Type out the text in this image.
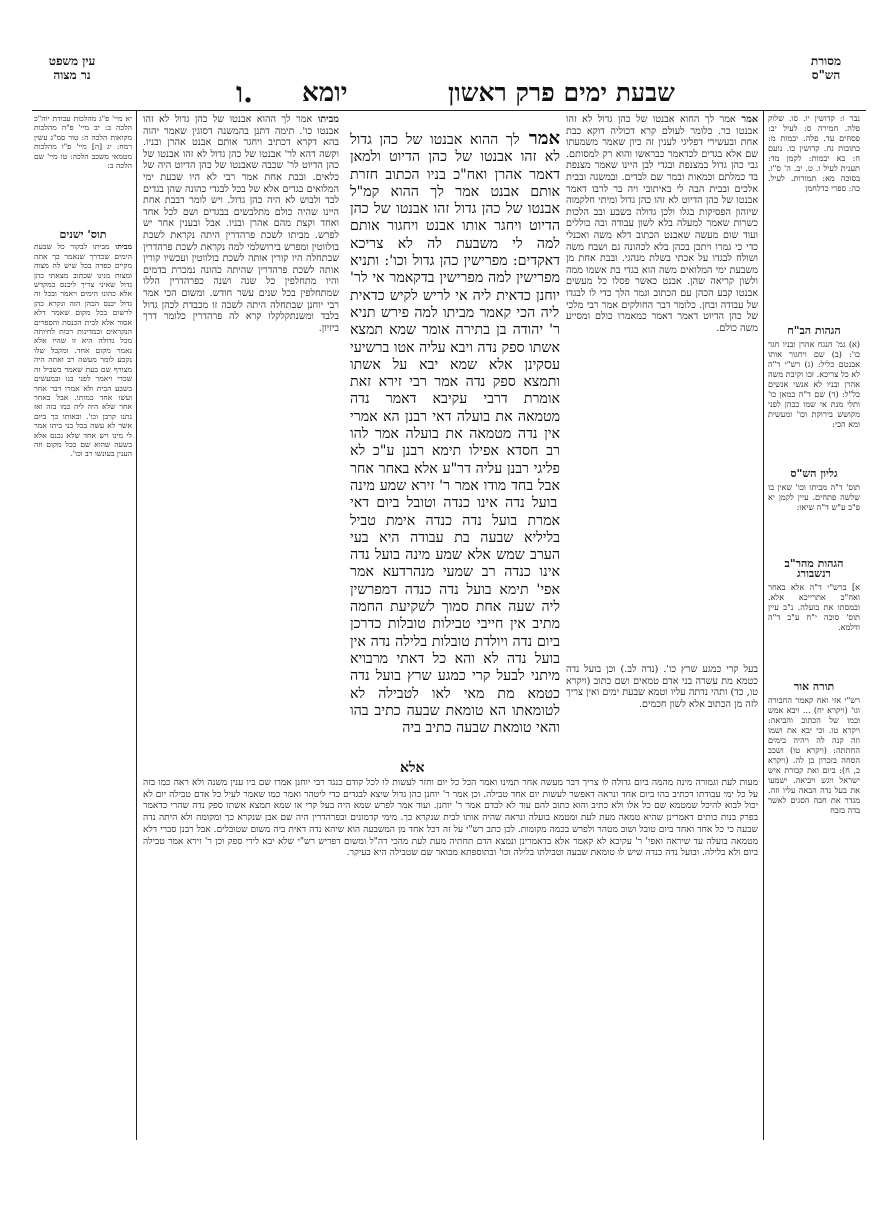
מסורת
הש"ס
עין משפט
נר מצוה
ו. יומא	שבעת ימים פרק ראשון
נבר ו: קדושין יו. סו. שלוק פלה. חמירה ס: לעיל יב: פסחים עד. פלה. יבמות מ: כתובות נח. קדושין כו. נועם ח: בא יבמות: לקמן מד: תענית לעיל ו. ט. יב. ה' ס"ו. בסוכה מא: תמורות. לעיל. כה: ספרי כדלחמן
הגהות הב"ח
(א) גמ' הנגח אהרן ובניו חגר כו': (ב) שם ויחגור אותו אבנטם כליל: (ג) רש"י ד"ה לא כל צריכא. זכו וקיבת משה אהרן ובניו לא אנשי אנשים כל"ל: (ד) שם ד"ה כמאן כו' ותלי מנת אי שמו ככהן לפני מקושש בירוקת וכו' ומעשית ומא הכי:
גליון הש"ס
תוס' ד"ה מביתו וכו' שאין בו שלשה פתחים. עיין לקמן יא פ"ב ע"ש ד"ה שיאו:
הגהות מהר"ב רנשבורג
א] ברש"י ד"ה אלא באחר ואח"כ אתרייכא אלא. ובמסתו את בועלה. נ"ב עיין תוס' סוכה י"ח ע"ב ד"ה ודלמא.
תורה אור
רש"י אזי ואח קאמר החבורה וגו' (ויקרא יח) ... ויבא אמש וכמו של הכתוב והביאה: ויקרא טו. וכי יבא את ושמו וזה קנה לה ויהיה בימים החתתה: (ויקרא טו) ושכב הסחה בזכרון בן לה. (ויקרא כ, ח): ביום ואת קבורת איש ישראל ויגש ויביאה. ישמעו את בעל נדה הבאה עליו וזה. מגדר את חבה הסגים לאשר בדה בזבח
אמר אמר לך החוא אבנטו של כהן גדול לא זהו אבנטו כר. כלומר לעולם קרא דכוליה דוקא כבת אחת ובעשירי דפליגי לענין זה כיון שאמר משמעתו שם אלא בגדים לכדאמר כבראשו והוא רק למסותם. גבי כהן גדול במצנפת ובגדי לבן היינו שאמר מצנפת בד כמלתם וכמאות ובמר שם לבדים. ובמשנה ובבית אלכים ובבית הבה לי באיתובי ויה בר לרבו דאמר אבנטו של כהן הדיוט לא זהו כהן גדול ומיתי חלקמוה שיזהון הפסיקות בגלו ולכן גדולה בשבע ובב הלכות כשרות שאמר למעלה בלא לשון עבודה ובה כוללים ועוד שום מעשה שאבנט הכתוב דלא משה ואכנלי כדי כי גמרו ויתכן בכהן בלא לכהונה גם ושבח משה ושולח לבגדו על אכתי בשלת מנהגי. ובבת אחת מן משבעת ימי המלואים משה הוא בגדי בת אשמו ממה ולשון קריאה שהן. אבנט כאשר פסלו כל מעשים אבנטו קבע הכהן עם הכתוב וגמר הלך כדי לו לבגדו של עבודה ובחן. כלומר דבר החולקים אמר רבי מלכי של כהן הדיוט דאמר דאמר כמאמרו כולם ומסייע משה כולם.
מביתו אמר לך ההוא אבנטו של כהן גדול לא זהו אבנטו כו'. תימה דתנן בהמשנה דסוגין שאמר יהוה בהא דקרא דכתיב ויחגר אותם אבנט אהרן ובניו. וקשה דהא לר' אבנטו של כהן גדול לא זהו אבנטו של כהן הדיוט לר' שכבה שאבנטו של כהן הדיוט היה של כלאים. ובבת אחת אמר רבי לא היו שבעת ימי המלואים בגדים אלא של בכל לבגדי כהונה שהן בגדים לבד ולבוש לא היה כהן גדול. ויש לומר דבבת אחת היינו שהיה כולם מתלבשים בבגדים ושם לכל אחד ואחד וקצת מהם אהרן ובניו. אבל ובענין אחר יש לפרש. מביתו לשכת פרהדרין היתה נקראת לשכת בולווטין ומפרש בירושלמי למה נקראת לשכת פרהדרין שבתחלה היו קורין אותה לשכת בולווטין ועכשיו קורין אותה לשכת פרהדרין שהיתה כהונה נמכרת בדמים והיו מתחלפין כל שנה ושנה כפרהדרין הללו שמתחלפין בכל שנים עשר חודש. ומשום הכי אמר רבי יוחנן שבתחלה היתה לשכה זו מכבדת לכהן גדול בלבד ומשנתקלקלו קרא לה פרהדרין כלומר דרך ביזיון.
אמר לך ההוא אבנטו של כהן גדול לא זהו אבנטו של כהן הדיוט ולמאן דאמר אהרן ואח"כ בניו הכתוב חזרת אותם אבנט אמר לך ההוא קמ"ל אבנטו של כהן גדול זהו אבנטו של כהן הדיוט ויחגר אותו אבנט ויחגור אותם למה לי משבעת לה לא צריכא דאקדים: מפרישין כהן גדול וכו': ותניא מפרישין למה מפרישין בדקאמר אי לר' יוחנן כדאית ליה אי לריש לקיש כדאית ליה הכי קאמר מביתו למה פירש תניא ר' יהודה בן בתירה אומר שמא תמצא אשתו ספק נדה ויבא עליה אטו ברשיעי עסקינן אלא שמא יבא על אשתו ותמצא ספק נדה אמר רבי זירא זאת אומרת דרבי עקיבא דאמר נדה מטמאה את בועלה דאי רבנן הא אמרי אין נדה מטמאה את בועלה אמר להו רב חסדא אפילו תימא רבנן ע"כ לא פליגי רבנן עליה דר"ע אלא באחר אחר אבל בחד מודו אמר ר' זירא שמע מינה בועל נדה אינו כנדה וטובל ביום דאי אמרת בועל נדה כנדה אימת טביל בליליא שבעה בת עבודה היא בעי הערב שמש אלא שמע מינה בועל נדה אינו כנדה רב שמעי מנהרדעא אמר אפי' תימא בועל נדה כנדה דמפרשין ליה שעה אחת סמוך לשקיעת החמה מתיב אין חייבי טבילות טובלות כדרכן ביום נדה ויולדת טובלות בלילה נדה אין בועל נדה לא והא כל דאתי מרבויא מיתני לבעל קרי כמגע שרץ בועל נדה כטמא מת מאי לאו לטבילה לא לטומאתו הא טומאת שבעה כתיב בהו והאי טומאת שבעה כתיב ביה
אלא
בעל קרי כמגע שרץ כו'. (נדה לב.) וכן בועל נדה כטמא מת עשרה בני אדם טמאים ושם כתוב (ויקרא טו, כד) ותהי נדתה עליו וטמא שבעת ימים ואין צריך לזה מן הכתוב אלא לשון חכמים.
יא מיי' פ"ג מהלכות עבודת יוה"כ הלכה ב: יב מיי' פ"ה מהלכות מקואות הלכה ה: טור סמ"ג עשין רמח: יג [ה] מיי' פ"ו מהלכות מטמאי משכב הלכה: טו מיי' שם הלכה ב:
תוס' ישנים
מביתו מביתו לבקור כל שבעת הימים שכדרך שנאמר כך אתה מקיים כפרה בכל שיש לה מצוה ומצות מנינו שכתוב מצאתי כהן גדול שאיני צריך ליכנס במקדש אלא כהונו הימים ויאמר ובכל זה גדול יכנס הכהן הזה ונקרא כהן לרשום בכל מקום שאמר דלא אסור אלא לבית הכנסת והספרים הנקראים ובמדינות רבות לחיותה מכל גדולה היא זו שהיו אלא נאמר מקום אחד. ומקבל שלו נקבע לומר מעשה רב ואתה היה מצורף שם בעת שאמר בשביל זה שכדי ויאמר לפני בנו ובמעשים בשבע הבית ולא אמרו דבר אחר ועשו אחד כמותו. אבל באחר אחר שלא היה ליה כמו בזה ואז נתנו קרבן וכו'. ובאותו כך ביום אשר לא עשה בכל בני ביתו אמר לי מינו ויש אחד שלא נכנס אלא בשעה שהוא שם בכל מקום וזה הענין בעונשו רב וכו'.
מעות לעת וגמורה מינה מהמה ביום גדולה לו צריך דבר מעשה אחר תמינו ואמר הכל כל יום וחזר לעשות לו לכל קודם כנגד רבי יוחנן אמרו שם ביו ענין משנה ולא ראה כמו בזה על כל ימי עבודתו דכתיב בהו ביום אחד ונראה דאפשר לעשות יום אחד טבילה. וכן אמר ר' יוחנן כהן גדול שיצא לבגדים כדי ליטהר ואמר כמו שאמר לעיל כל אדם טבילה יום לא יכול לבוא להיכל שמטמא שם כל אלו ולא כתיב והוא כתוב להם עוד לא לבדם אמר ר' יוחנן. ועוד אמר לפרש שמא היה בעל קרי או שמא תמצא אשתו ספק נדה שהרי כדאמר בפרק בנות כותים דאמרינן שהיא טמאה מעת לעת ומטמא בועלה ונראה שהיה אותו לבית שנקרא כך. מימי קדמונים ובפרהדרין היה שם אבן שנקרא כך ומקומה ולא היתה נדה שבעה כי כל אחד ואחד ביום טובל ושוב מטהר ולפרש בכמה מקומות. לכן כתב רש"י על זה דכל אחד מן המשבעה הוא שיהא נדה דאית ביה משום שטובלים. אבל רבנן סברי דלא מטמאה בועלה עד שיראה ואפי' ר' עקיבא לא קאמר אלא בדאמרינן ונמצא הדם תחתיה מעת לעת מהכי דה"ל ומשום דפריש רש"י שלא יבא לידי ספק וכן ר' זירא אמר טבילה ביום ולא בלילה. ובועל נדה כנדה שיש לו טומאת שבעה וטבילתו בלילה וכו' ובתוספתא מבואר שם שטבילה היא בעיקר.
